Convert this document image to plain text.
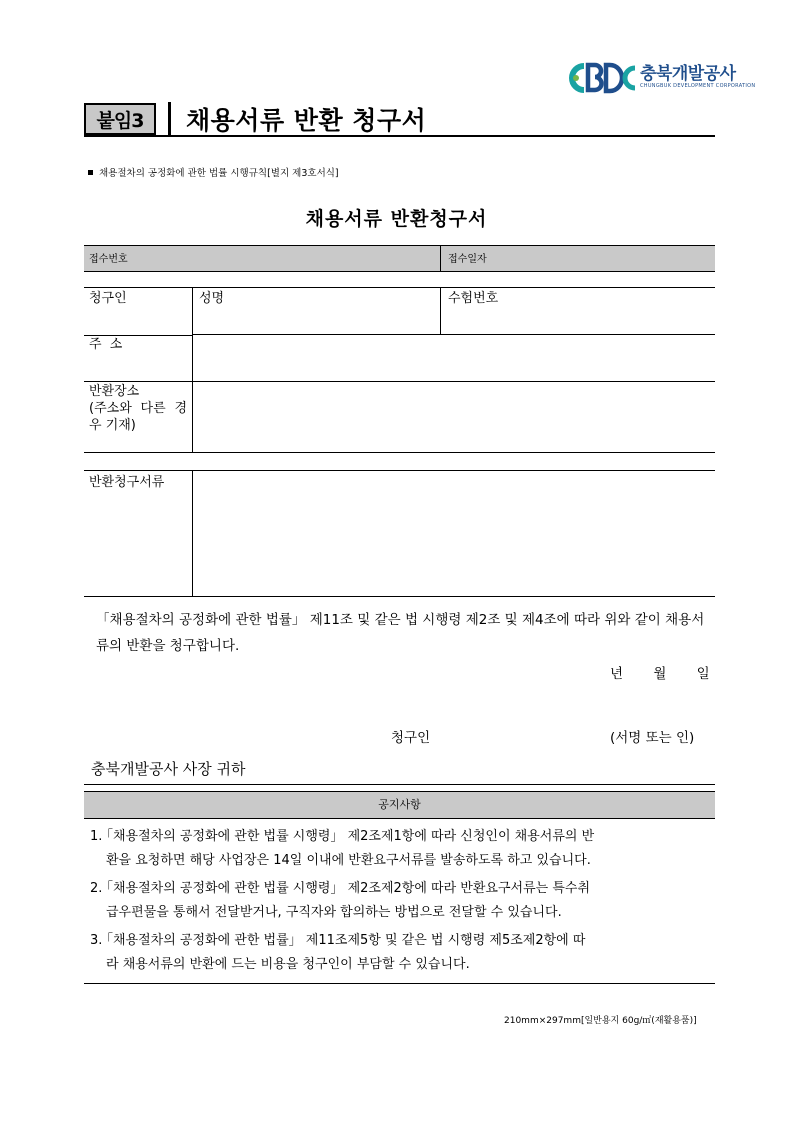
충북개발공사
CHUNGBUK DEVELOPMENT CORPORATION
붙임3	채용서류 반환 청구서
채용절차의 공정화에 관한 법률 시행규칙[별지 제3호서식]
채용서류 반환청구서
접수번호	접수일자
청구인	성명	수험번호
주 소
반환장소
(주소와 다른 경우 기재)
반환청구서류
「채용절차의 공정화에 관한 법률」 제11조 및 같은 법 시행령 제2조 및 제4조에 따라 위와 같이 채용서류의 반환을 청구합니다.
년 월 일
청구인	(서명 또는 인)
충북개발공사 사장 귀하
공지사항
1.「채용절차의 공정화에 관한 법률 시행령」 제2조제1항에 따라 신청인이 채용서류의 반
환을 요청하면 해당 사업장은 14일 이내에 반환요구서류를 발송하도록 하고 있습니다.
2.「채용절차의 공정화에 관한 법률 시행령」 제2조제2항에 따라 반환요구서류는 특수취
급우편물을 통해서 전달받거나, 구직자와 합의하는 방법으로 전달할 수 있습니다.
3.「채용절차의 공정화에 관한 법률」 제11조제5항 및 같은 법 시행령 제5조제2항에 따
라 채용서류의 반환에 드는 비용을 청구인이 부담할 수 있습니다.
210mm×297mm[일반용지 60g/㎡(재활용품)]
